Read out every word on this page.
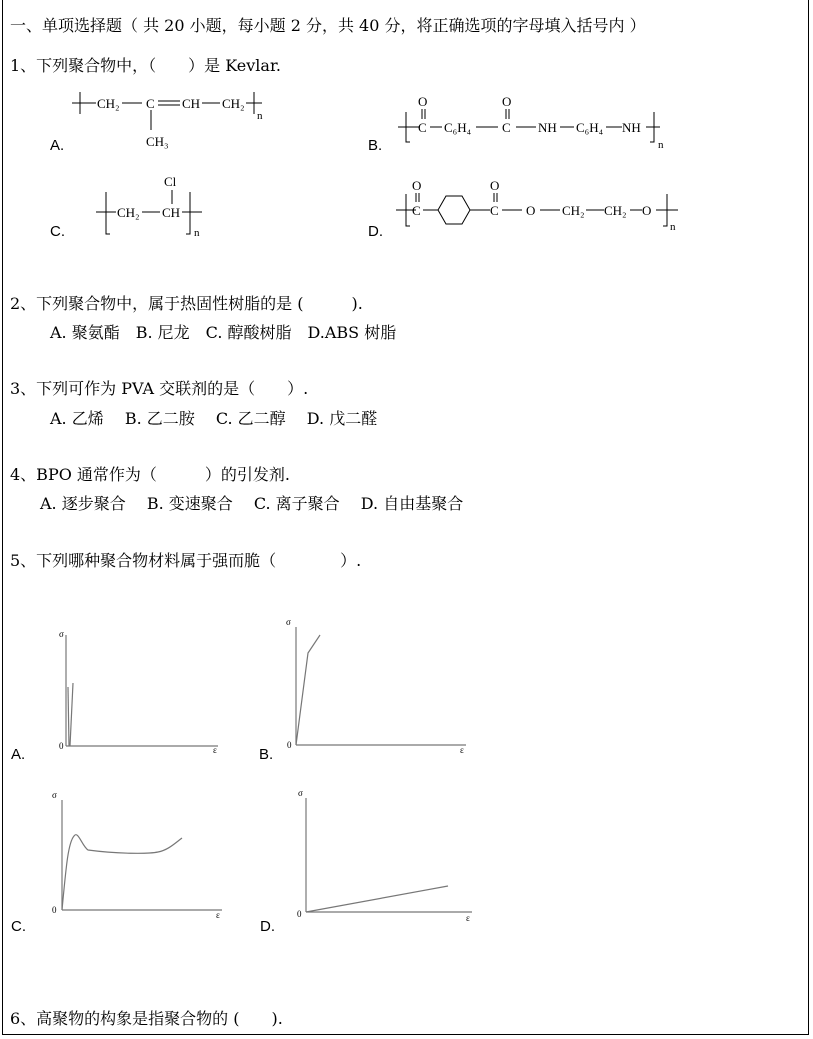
一、单项选择题（ 共 20 小题，每小题 2 分，共 40 分，将正确选项的字母填入括号内 ）
1、下列聚合物中，（　　）是 Kevlar.
A.	B.
C.	D.
CH₂ C CH CH₂
n
CH₃
O
C C₆H₄
O
C NH C₆H₄ NH
n
CH₂ CH
Cl
n
O
C
O
C O CH₂ CH₂ O
n
2、下列聚合物中，属于热固性树脂的是 (　　　).
A. 聚氨酯　B. 尼龙　C. 醇酸树脂　D.ABS 树脂
3、下列可作为 PVA 交联剂的是（　　）.
A. 乙烯　 B. 乙二胺　 C. 乙二醇　 D. 戊二醛
4、BPO 通常作为（　　　）的引发剂.
A. 逐步聚合　 B. 变速聚合　 C. 离子聚合　 D. 自由基聚合
5、下列哪种聚合物材料属于强而脆（　　　　）.
A.
σ
0	ε	B.
σ
0	ε
C.
σ
0	ε
D.
σ
0	ε
6、高聚物的构象是指聚合物的 (　　).
